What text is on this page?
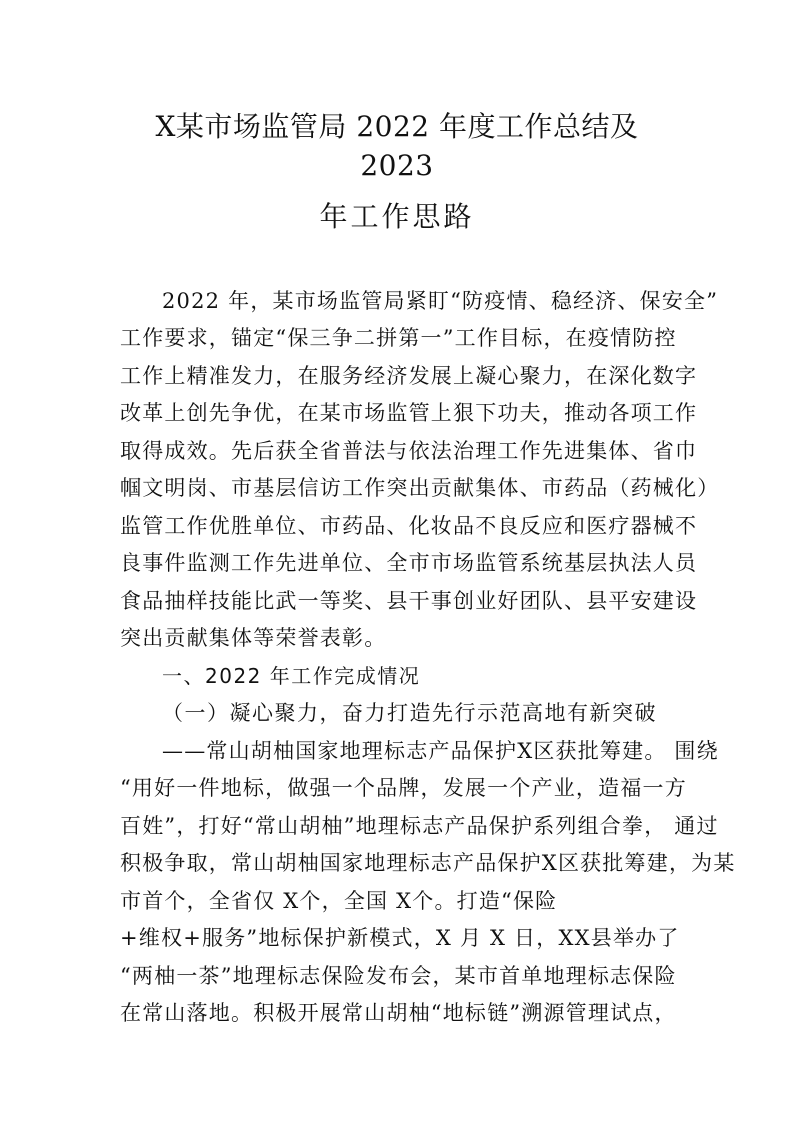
X某市场监管局 2022 年度工作总结及
2023
年工作思路
2022 年，某市场监管局紧盯“防疫情、稳经济、保安全”
工作要求，锚定“保三争二拼第一”工作目标，在疫情防控
工作上精准发力，在服务经济发展上凝心聚力，在深化数字
改革上创先争优，在某市场监管上狠下功夫，推动各项工作
取得成效。先后获全省普法与依法治理工作先进集体、省巾
帼文明岗、市基层信访工作突出贡献集体、市药品（药械化）
监管工作优胜单位、市药品、化妆品不良反应和医疗器械不
良事件监测工作先进单位、全市市场监管系统基层执法人员
食品抽样技能比武一等奖、县干事创业好团队、县平安建设
突出贡献集体等荣誉表彰。
一、2022 年工作完成情况
（一）凝心聚力，奋力打造先行示范高地有新突破
——常山胡柚国家地理标志产品保护X区获批筹建。 围绕
“用好一件地标，做强一个品牌，发展一个产业，造福一方
百姓”，打好“常山胡柚”地理标志产品保护系列组合拳， 通过
积极争取，常山胡柚国家地理标志产品保护X区获批筹建，为某
市首个，全省仅 X个，全国 X个。打造“保险
+维权+服务”地标保护新模式，X 月 X 日，XX县举办了
“两柚一茶”地理标志保险发布会，某市首单地理标志保险
在常山落地。积极开展常山胡柚“地标链”溯源管理试点，
